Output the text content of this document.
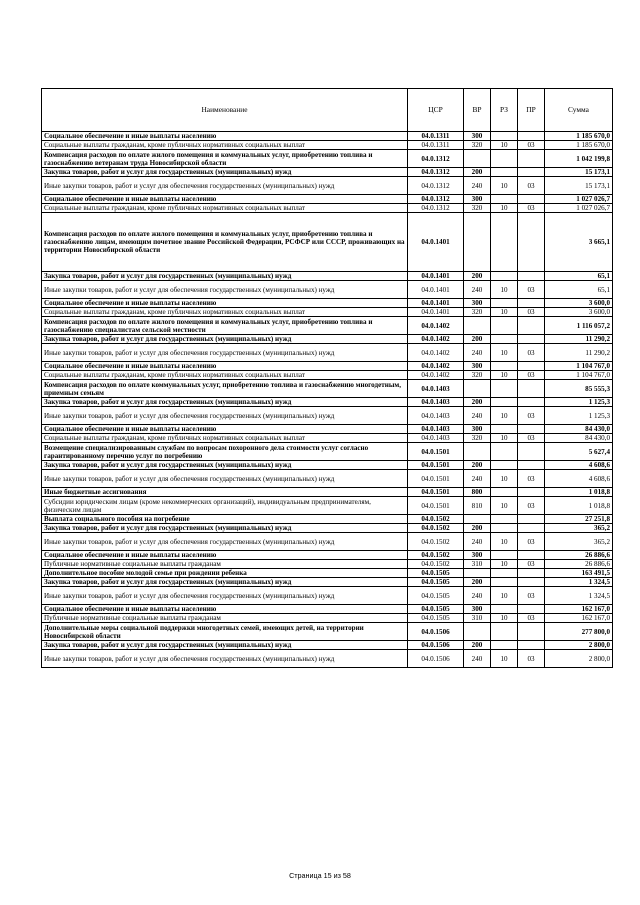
Наименование	ЦСР	ВР	РЗ	ПР	Сумма
Социальное обеспечение и иные выплаты населению	04.0.1311	300			1 185 670,0
Социальные выплаты гражданам, кроме публичных нормативных социальных выплат	04.0.1311	320	10	03	1 185 670,0
Компенсация расходов по оплате жилого помещения и коммунальных услуг, приобретению топлива и газоснабжению ветеранам труда Новосибирской области	04.0.1312				1 042 199,8
Закупка товаров, работ и услуг для государственных (муниципальных) нужд	04.0.1312	200			15 173,1
Иные закупки товаров, работ и услуг для обеспечения государственных (муниципальных) нужд	04.0.1312	240	10	03	15 173,1
Социальное обеспечение и иные выплаты населению	04.0.1312	300			1 027 026,7
Социальные выплаты гражданам, кроме публичных нормативных социальных выплат	04.0.1312	320	10	03	1 027 026,7
Компенсация расходов по оплате жилого помещения и коммунальных услуг, приобретению топлива и газоснабжению лицам, имеющим почетное звание Российской Федерации, РСФСР или СССР, проживающих на территории Новосибирской области	04.0.1401				3 665,1
Закупка товаров, работ и услуг для государственных (муниципальных) нужд	04.0.1401	200			65,1
Иные закупки товаров, работ и услуг для обеспечения государственных (муниципальных) нужд	04.0.1401	240	10	03	65,1
Социальное обеспечение и иные выплаты населению	04.0.1401	300			3 600,0
Социальные выплаты гражданам, кроме публичных нормативных социальных выплат	04.0.1401	320	10	03	3 600,0
Компенсация расходов по оплате жилого помещения и коммунальных услуг, приобретению топлива и газоснабжению специалистам сельской местности	04.0.1402				1 116 057,2
Закупка товаров, работ и услуг для государственных (муниципальных) нужд	04.0.1402	200			11 290,2
Иные закупки товаров, работ и услуг для обеспечения государственных (муниципальных) нужд	04.0.1402	240	10	03	11 290,2
Социальное обеспечение и иные выплаты населению	04.0.1402	300			1 104 767,0
Социальные выплаты гражданам, кроме публичных нормативных социальных выплат	04.0.1402	320	10	03	1 104 767,0
Компенсация расходов по оплате коммунальных услуг, приобретению топлива и газоснабжению многодетным, приемным семьям	04.0.1403				85 555,3
Закупка товаров, работ и услуг для государственных (муниципальных) нужд	04.0.1403	200			1 125,3
Иные закупки товаров, работ и услуг для обеспечения государственных (муниципальных) нужд	04.0.1403	240	10	03	1 125,3
Социальное обеспечение и иные выплаты населению	04.0.1403	300			84 430,0
Социальные выплаты гражданам, кроме публичных нормативных социальных выплат	04.0.1403	320	10	03	84 430,0
Возмещение специализированным службам по вопросам похоронного дела стоимости услуг согласно гарантированному перечню услуг по погребению	04.0.1501				5 627,4
Закупка товаров, работ и услуг для государственных (муниципальных) нужд	04.0.1501	200			4 608,6
Иные закупки товаров, работ и услуг для обеспечения государственных (муниципальных) нужд	04.0.1501	240	10	03	4 608,6
Иные бюджетные ассигнования	04.0.1501	800			1 018,8
Субсидии юридическим лицам (кроме некоммерческих организаций), индивидуальным предпринимателям, физическим лицам	04.0.1501	810	10	03	1 018,8
Выплата социального пособия на погребение	04.0.1502				27 251,8
Закупка товаров, работ и услуг для государственных (муниципальных) нужд	04.0.1502	200			365,2
Иные закупки товаров, работ и услуг для обеспечения государственных (муниципальных) нужд	04.0.1502	240	10	03	365,2
Социальное обеспечение и иные выплаты населению	04.0.1502	300			26 886,6
Публичные нормативные социальные выплаты гражданам	04.0.1502	310	10	03	26 886,6
Дополнительное пособие молодой семье при рождении ребенка	04.0.1505				163 491,5
Закупка товаров, работ и услуг для государственных (муниципальных) нужд	04.0.1505	200			1 324,5
Иные закупки товаров, работ и услуг для обеспечения государственных (муниципальных) нужд	04.0.1505	240	10	03	1 324,5
Социальное обеспечение и иные выплаты населению	04.0.1505	300			162 167,0
Публичные нормативные социальные выплаты гражданам	04.0.1505	310	10	03	162 167,0
Дополнительные меры социальной поддержки многодетных семей, имеющих детей, на территории Новосибирской области	04.0.1506				277 800,0
Закупка товаров, работ и услуг для государственных (муниципальных) нужд	04.0.1506	200			2 800,0
Иные закупки товаров, работ и услуг для обеспечения государственных (муниципальных) нужд	04.0.1506	240	10	03	2 800,0
Страница 15 из 58
